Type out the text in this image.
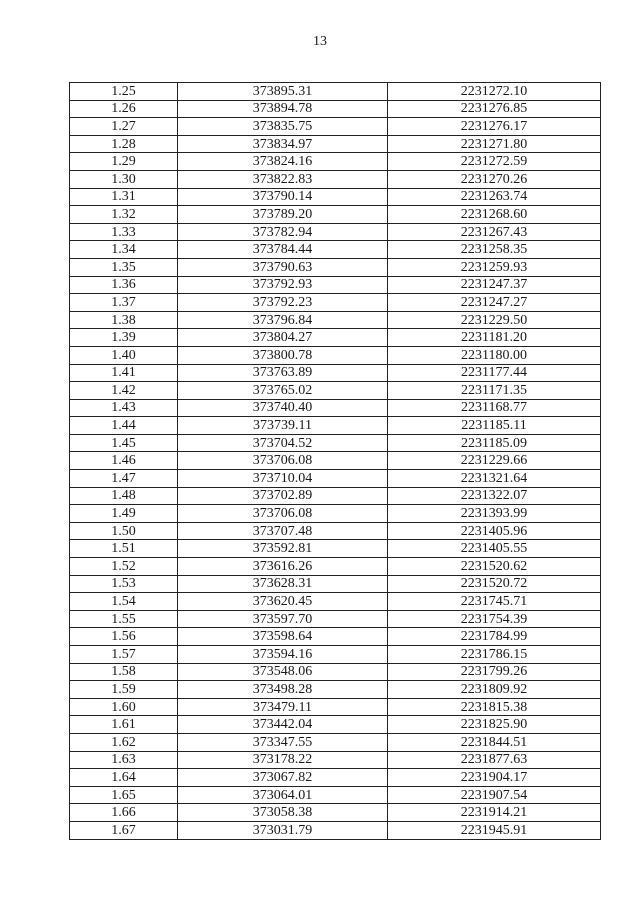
13
1.25	373895.31	2231272.10
1.26	373894.78	2231276.85
1.27	373835.75	2231276.17
1.28	373834.97	2231271.80
1.29	373824.16	2231272.59
1.30	373822.83	2231270.26
1.31	373790.14	2231263.74
1.32	373789.20	2231268.60
1.33	373782.94	2231267.43
1.34	373784.44	2231258.35
1.35	373790.63	2231259.93
1.36	373792.93	2231247.37
1.37	373792.23	2231247.27
1.38	373796.84	2231229.50
1.39	373804.27	2231181.20
1.40	373800.78	2231180.00
1.41	373763.89	2231177.44
1.42	373765.02	2231171.35
1.43	373740.40	2231168.77
1.44	373739.11	2231185.11
1.45	373704.52	2231185.09
1.46	373706.08	2231229.66
1.47	373710.04	2231321.64
1.48	373702.89	2231322.07
1.49	373706.08	2231393.99
1.50	373707.48	2231405.96
1.51	373592.81	2231405.55
1.52	373616.26	2231520.62
1.53	373628.31	2231520.72
1.54	373620.45	2231745.71
1.55	373597.70	2231754.39
1.56	373598.64	2231784.99
1.57	373594.16	2231786.15
1.58	373548.06	2231799.26
1.59	373498.28	2231809.92
1.60	373479.11	2231815.38
1.61	373442.04	2231825.90
1.62	373347.55	2231844.51
1.63	373178.22	2231877.63
1.64	373067.82	2231904.17
1.65	373064.01	2231907.54
1.66	373058.38	2231914.21
1.67	373031.79	2231945.91
